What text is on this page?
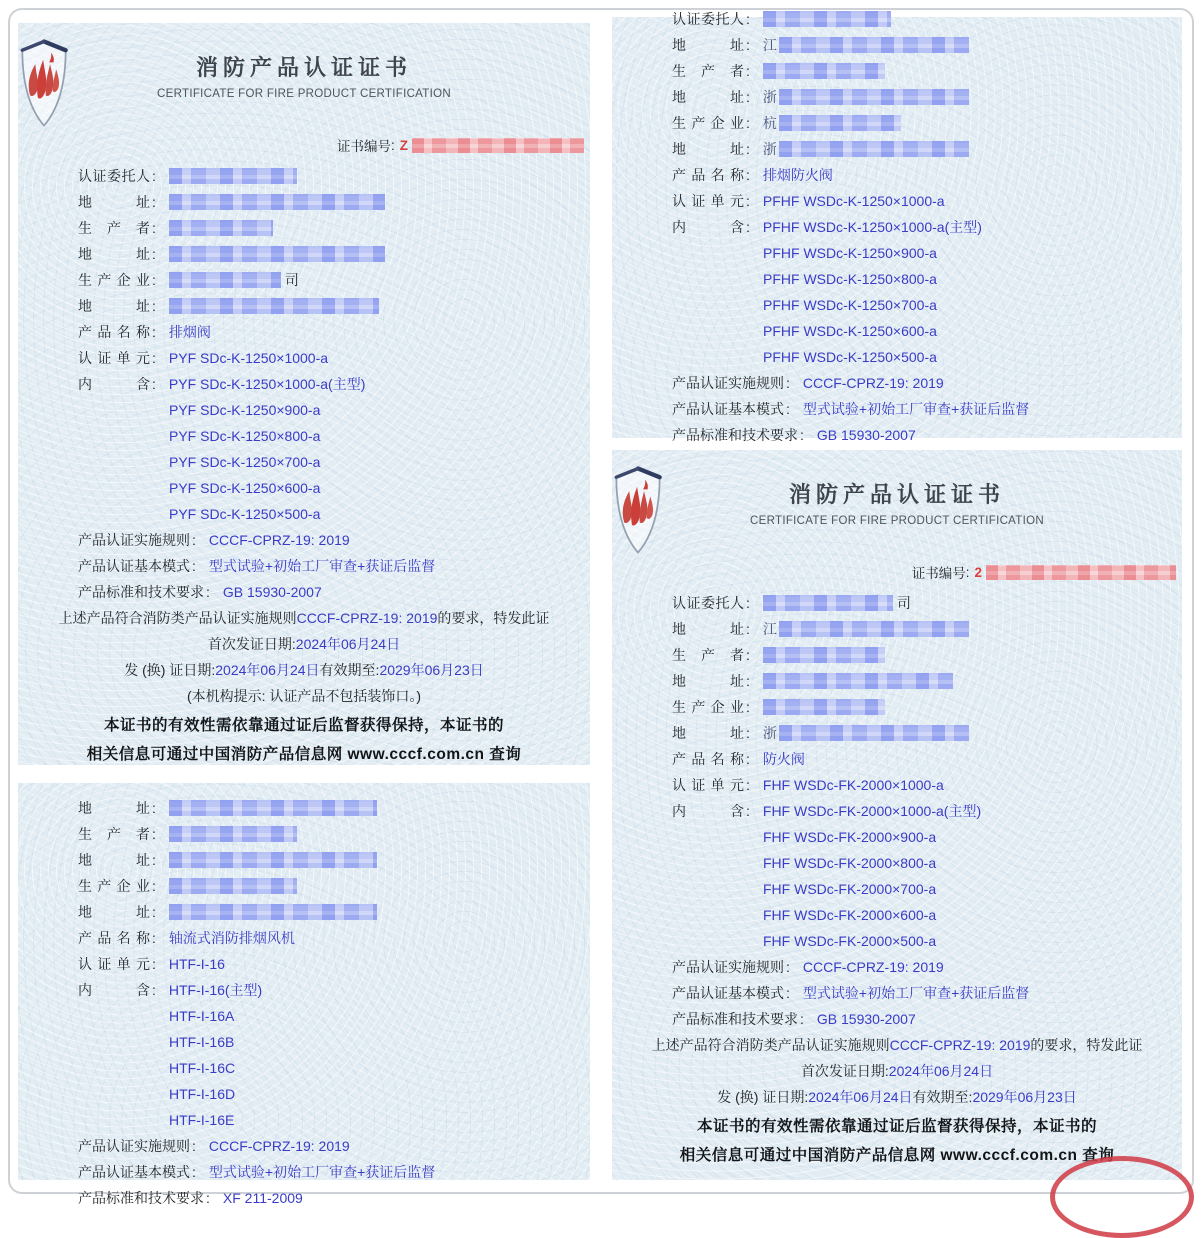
消防产品认证证书
CERTIFICATE FOR FIRE PRODUCT CERTIFICATION
证书编号 : Z
认证委托人 :
地址 :
生产者 :
地址 :
生产企业 :	司
地址 :
产品名称 : 排烟阀
认证单元 : PYF SDc-K-1250×1000-a
内含 : PYF SDc-K-1250×1000-a(主型)
PYF SDc-K-1250×900-a
PYF SDc-K-1250×800-a
PYF SDc-K-1250×700-a
PYF SDc-K-1250×600-a
PYF SDc-K-1250×500-a
产品认证实施规则 : CCCF-CPRZ-19: 2019
产品认证基本模式 : 型式试验+初始工厂审查+获证后监督
产品标准和技术要求 : GB 15930-2007
上述产品符合消防类产品认证实施规则 CCCF-CPRZ-19: 2019 的要求，特发此证
首次发证日期: 2024年06月24日
发 (换) 证日期: 2024年06月24日 有效期至: 2029年06月23日
(本机构提示: 认证产品不包括装饰口。)
本证书的有效性需依靠通过证后监督获得保持，本证书的
相关信息可通过中国消防产品信息网 www.cccf.com.cn 查询
认证委托人 :
地址 : 江
生产者 :
地址 : 浙
生产企业 : 杭
地址 : 浙
产品名称 : 排烟防火阀
认证单元 : PFHF WSDc-K-1250×1000-a
内含 : PFHF WSDc-K-1250×1000-a(主型)
PFHF WSDc-K-1250×900-a
PFHF WSDc-K-1250×800-a
PFHF WSDc-K-1250×700-a
PFHF WSDc-K-1250×600-a
PFHF WSDc-K-1250×500-a
产品认证实施规则 : CCCF-CPRZ-19: 2019
产品认证基本模式 : 型式试验+初始工厂审查+获证后监督
产品标准和技术要求 : GB 15930-2007
地址 :
生产者 :
地址 :
生产企业 :
地址 :
产品名称 : 轴流式消防排烟风机
认证单元 : HTF-I-16
内含 : HTF-I-16(主型)
HTF-I-16A
HTF-I-16B
HTF-I-16C
HTF-I-16D
HTF-I-16E
产品认证实施规则 : CCCF-CPRZ-19: 2019
产品认证基本模式 : 型式试验+初始工厂审查+获证后监督
产品标准和技术要求 : XF 211-2009
消防产品认证证书
CERTIFICATE FOR FIRE PRODUCT CERTIFICATION
证书编号 : 2
认证委托人 :	司
地址 : 江
生产者 :
地址 :
生产企业 :
地址 : 浙
产品名称 : 防火阀
认证单元 : FHF WSDc-FK-2000×1000-a
内含 : FHF WSDc-FK-2000×1000-a(主型)
FHF WSDc-FK-2000×900-a
FHF WSDc-FK-2000×800-a
FHF WSDc-FK-2000×700-a
FHF WSDc-FK-2000×600-a
FHF WSDc-FK-2000×500-a
产品认证实施规则 : CCCF-CPRZ-19: 2019
产品认证基本模式 : 型式试验+初始工厂审查+获证后监督
产品标准和技术要求 : GB 15930-2007
上述产品符合消防类产品认证实施规则 CCCF-CPRZ-19: 2019 的要求，特发此证
首次发证日期: 2024年06月24日
发 (换) 证日期: 2024年06月24日 有效期至: 2029年06月23日
本证书的有效性需依靠通过证后监督获得保持，本证书的
相关信息可通过中国消防产品信息网 www.cccf.com.cn 查询
